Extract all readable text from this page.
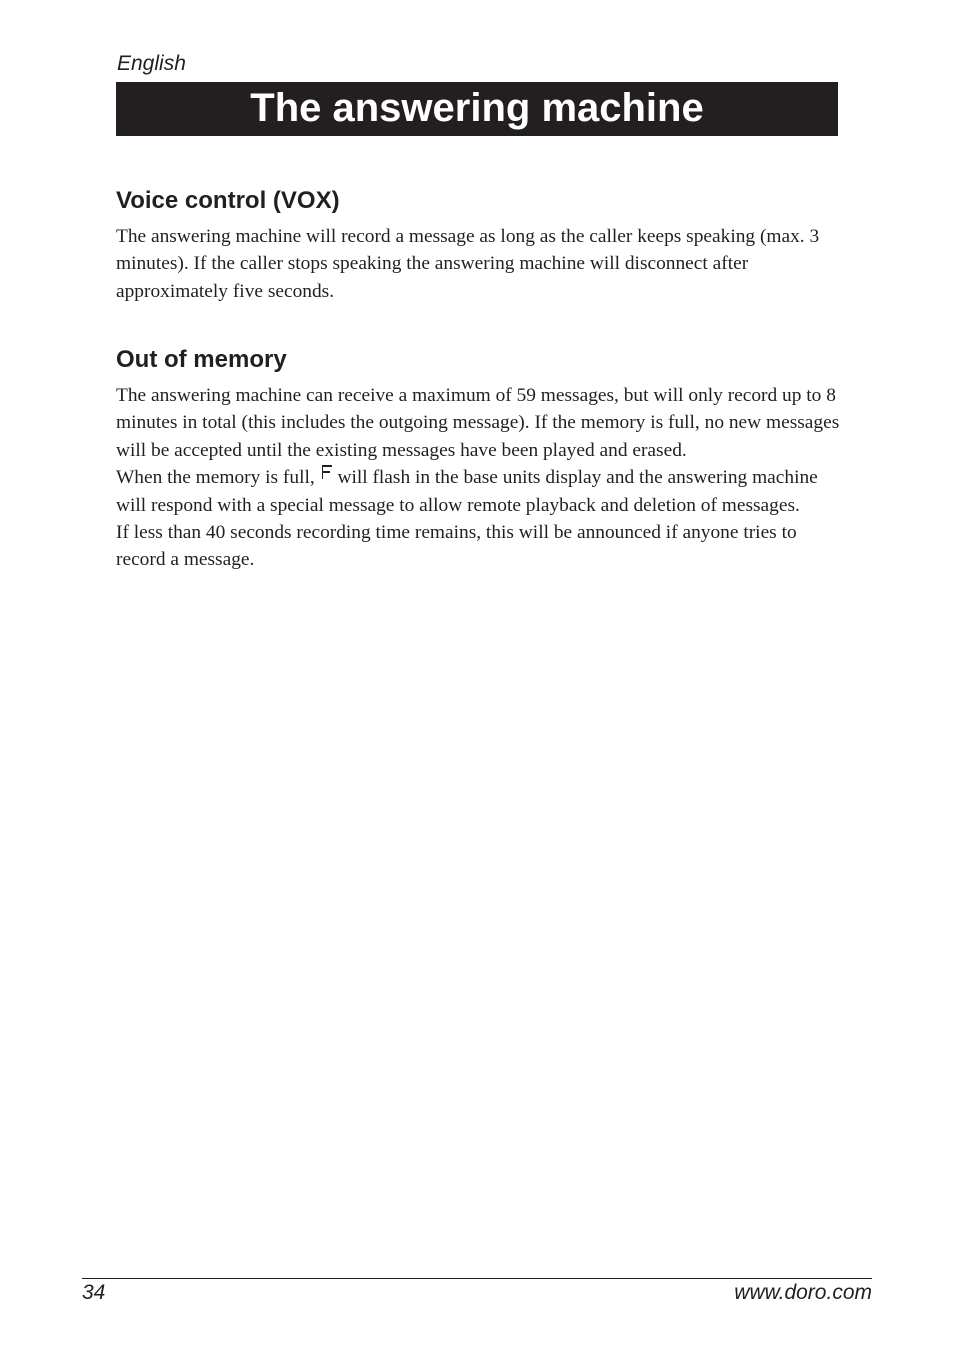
English
The answering machine
Voice control (VOX)

The answering machine will record a message as long as the caller keeps speaking (max. 3 minutes). If the caller stops speaking the answering machine will disconnect after approximately five seconds.

Out of memory

The answering machine can receive a maximum of 59 messages, but will only record up to 8 minutes in total (this includes the outgoing message). If the memory is full, no new messages will be accepted until the existing messages have been played and erased.

When the memory is full, will flash in the base units display and the answering machine will respond with a special message to allow remote playback and deletion of messages.

If less than 40 seconds recording time remains, this will be announced if anyone tries to record a message.

34	www.doro.com
